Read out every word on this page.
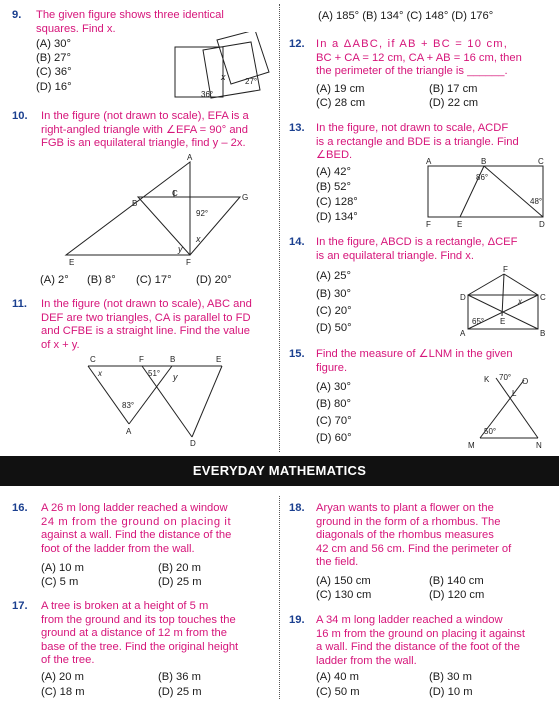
9. The given figure shows three identical
squares. Find x.
(A) 30°
(B) 27°
(C) 36°
(D) 16°
x 27°
36°
10. In the figure (not drawn to scale), EFA is a
right-angled triangle with ∠EFA = 90° and
FGB is an equilateral triangle, find y – 2x.
A
B
C	G
92°
x
y
E	F
(A) 2° (B) 8° (C) 17° (D) 20°
11. In the figure (not drawn to scale), ABC and
DEF are two triangles, CA is parallel to FD
and CFBE is a straight line. Find the value
of x + y.
C	F	B	E
x	51° y
83°
A
D
(A) 185° (B) 134° (C) 148° (D) 176°
12. In a ΔABC, if AB + BC = 10 cm,
BC + CA = 12 cm, CA + AB = 16 cm, then
the perimeter of the triangle is ______.
(A) 19 cm	(B) 17 cm
(C) 28 cm	(D) 22 cm
13. In the figure, not drawn to scale, ACDF
is a rectangle and BDE is a triangle. Find
∠BED.
(A) 42°
(B) 52°
(C) 128°
(D) 134°
A	B	C
86°
48°
F	E	D
14. In the figure, ABCD is a rectangle, ΔCEF
is an equilateral triangle. Find x.
(A) 25°
(B) 30°
(C) 20°
(D) 50°
F
D	C
x
65° E
A	B
15. Find the measure of ∠LNM in the given
figure.
(A) 30°
(B) 80°
(C) 70°
(D) 60°
K 70° O
L
50°
M	N
EVERYDAY MATHEMATICS
16. A 26 m long ladder reached a window
24 m from the ground on placing it
against a wall. Find the distance of the
foot of the ladder from the wall.
(A) 10 m	(B) 20 m
(C) 5 m	(D) 25 m
17. A tree is broken at a height of 5 m
from the ground and its top touches the
ground at a distance of 12 m from the
base of the tree. Find the original height
of the tree.
(A) 20 m	(B) 36 m
(C) 18 m	(D) 25 m
18. Aryan wants to plant a flower on the
ground in the form of a rhombus. The
diagonals of the rhombus measures
42 cm and 56 cm. Find the perimeter of
the field.
(A) 150 cm	(B) 140 cm
(C) 130 cm	(D) 120 cm
19. A 34 m long ladder reached a window
16 m from the ground on placing it against
a wall. Find the distance of the foot of the
ladder from the wall.
(A) 40 m	(B) 30 m
(C) 50 m	(D) 10 m
